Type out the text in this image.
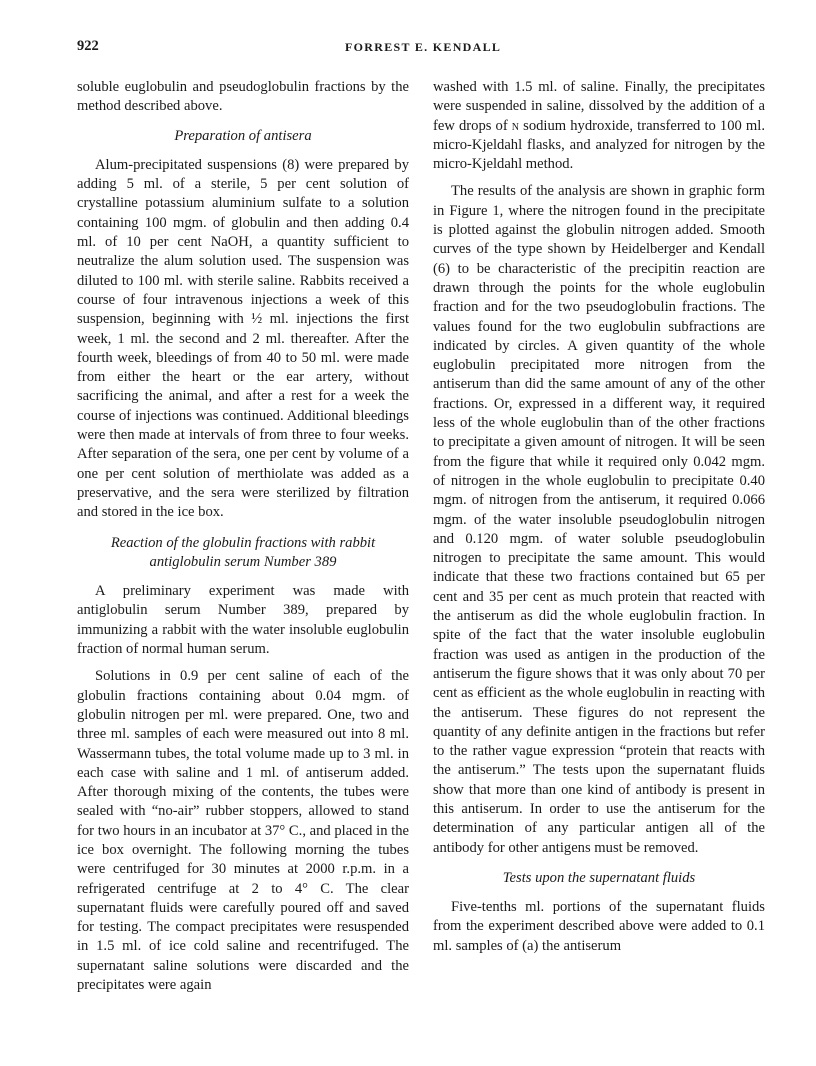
922	FORREST E. KENDALL

soluble euglobulin and pseudoglobulin fractions by the method described above.

Preparation of antisera

Alum-precipitated suspensions (8) were prepared by adding 5 ml. of a sterile, 5 per cent solution of crystalline potassium aluminium sulfate to a solution containing 100 mgm. of globulin and then adding 0.4 ml. of 10 per cent NaOH, a quantity sufficient to neutralize the alum solution used. The suspension was diluted to 100 ml. with sterile saline. Rabbits received a course of four intravenous injections a week of this suspension, beginning with ½ ml. injections the first week, 1 ml. the second and 2 ml. thereafter. After the fourth week, bleedings of from 40 to 50 ml. were made from either the heart or the ear artery, without sacrificing the animal, and after a rest for a week the course of injections was continued. Additional bleedings were then made at intervals of from three to four weeks. After separation of the sera, one per cent by volume of a one per cent solution of merthiolate was added as a preservative, and the sera were sterilized by filtration and stored in the ice box.

Reaction of the globulin fractions with rabbit antiglobulin serum Number 389

A preliminary experiment was made with antiglobulin serum Number 389, prepared by immunizing a rabbit with the water insoluble euglobulin fraction of normal human serum.

Solutions in 0.9 per cent saline of each of the globulin fractions containing about 0.04 mgm. of globulin nitrogen per ml. were prepared. One, two and three ml. samples of each were measured out into 8 ml. Wassermann tubes, the total volume made up to 3 ml. in each case with saline and 1 ml. of antiserum added. After thorough mixing of the contents, the tubes were sealed with “no-air” rubber stoppers, allowed to stand for two hours in an incubator at 37° C., and placed in the ice box overnight. The following morning the tubes were centrifuged for 30 minutes at 2000 r.p.m. in a refrigerated centrifuge at 2 to 4° C. The clear supernatant fluids were carefully poured off and saved for testing. The compact precipitates were resuspended in 1.5 ml. of ice cold saline and recentrifuged. The supernatant saline solutions were discarded and the precipitates were again

washed with 1.5 ml. of saline. Finally, the precipitates were suspended in saline, dissolved by the addition of a few drops of n sodium hydroxide, transferred to 100 ml. micro-Kjeldahl flasks, and analyzed for nitrogen by the micro-Kjeldahl method.

The results of the analysis are shown in graphic form in Figure 1, where the nitrogen found in the precipitate is plotted against the globulin nitrogen added. Smooth curves of the type shown by Heidelberger and Kendall (6) to be characteristic of the precipitin reaction are drawn through the points for the whole euglobulin fraction and for the two pseudoglobulin fractions. The values found for the two euglobulin subfractions are indicated by circles. A given quantity of the whole euglobulin precipitated more nitrogen from the antiserum than did the same amount of any of the other fractions. Or, expressed in a different way, it required less of the whole euglobulin than of the other fractions to precipitate a given amount of nitrogen. It will be seen from the figure that while it required only 0.042 mgm. of nitrogen in the whole euglobulin to precipitate 0.40 mgm. of nitrogen from the antiserum, it required 0.066 mgm. of the water insoluble pseudoglobulin nitrogen and 0.120 mgm. of water soluble pseudoglobulin nitrogen to precipitate the same amount. This would indicate that these two fractions contained but 65 per cent and 35 per cent as much protein that reacted with the antiserum as did the whole euglobulin fraction. In spite of the fact that the water insoluble euglobulin fraction was used as antigen in the production of the antiserum the figure shows that it was only about 70 per cent as efficient as the whole euglobulin in reacting with the antiserum. These figures do not represent the quantity of any definite antigen in the fractions but refer to the rather vague expression “protein that reacts with the antiserum.” The tests upon the supernatant fluids show that more than one kind of antibody is present in this antiserum. In order to use the antiserum for the determination of any particular antigen all of the antibody for other antigens must be removed.

Tests upon the supernatant fluids

Five-tenths ml. portions of the supernatant fluids from the experiment described above were added to 0.1 ml. samples of (a) the antiserum
